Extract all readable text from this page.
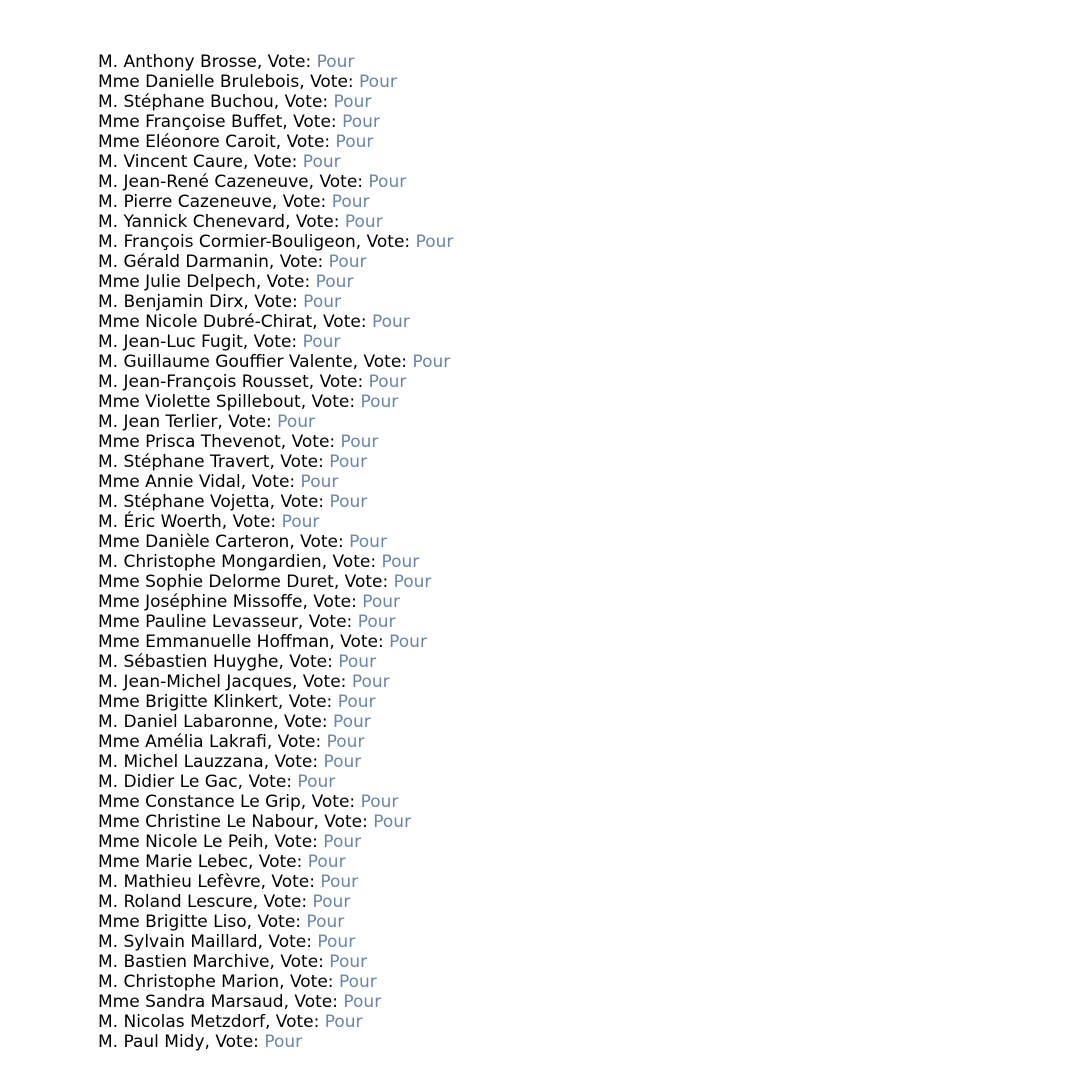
M. Anthony Brosse, Vote: Pour
Mme Danielle Brulebois, Vote: Pour
M. Stéphane Buchou, Vote: Pour
Mme Françoise Buffet, Vote: Pour
Mme Eléonore Caroit, Vote: Pour
M. Vincent Caure, Vote: Pour
M. Jean-René Cazeneuve, Vote: Pour
M. Pierre Cazeneuve, Vote: Pour
M. Yannick Chenevard, Vote: Pour
M. François Cormier-Bouligeon, Vote: Pour
M. Gérald Darmanin, Vote: Pour
Mme Julie Delpech, Vote: Pour
M. Benjamin Dirx, Vote: Pour
Mme Nicole Dubré-Chirat, Vote: Pour
M. Jean-Luc Fugit, Vote: Pour
M. Guillaume Gouffier Valente, Vote: Pour
M. Jean-François Rousset, Vote: Pour
Mme Violette Spillebout, Vote: Pour
M. Jean Terlier, Vote: Pour
Mme Prisca Thevenot, Vote: Pour
M. Stéphane Travert, Vote: Pour
Mme Annie Vidal, Vote: Pour
M. Stéphane Vojetta, Vote: Pour
M. Éric Woerth, Vote: Pour
Mme Danièle Carteron, Vote: Pour
M. Christophe Mongardien, Vote: Pour
Mme Sophie Delorme Duret, Vote: Pour
Mme Joséphine Missoffe, Vote: Pour
Mme Pauline Levasseur, Vote: Pour
Mme Emmanuelle Hoffman, Vote: Pour
M. Sébastien Huyghe, Vote: Pour
M. Jean-Michel Jacques, Vote: Pour
Mme Brigitte Klinkert, Vote: Pour
M. Daniel Labaronne, Vote: Pour
Mme Amélia Lakrafi, Vote: Pour
M. Michel Lauzzana, Vote: Pour
M. Didier Le Gac, Vote: Pour
Mme Constance Le Grip, Vote: Pour
Mme Christine Le Nabour, Vote: Pour
Mme Nicole Le Peih, Vote: Pour
Mme Marie Lebec, Vote: Pour
M. Mathieu Lefèvre, Vote: Pour
M. Roland Lescure, Vote: Pour
Mme Brigitte Liso, Vote: Pour
M. Sylvain Maillard, Vote: Pour
M. Bastien Marchive, Vote: Pour
M. Christophe Marion, Vote: Pour
Mme Sandra Marsaud, Vote: Pour
M. Nicolas Metzdorf, Vote: Pour
M. Paul Midy, Vote: Pour
